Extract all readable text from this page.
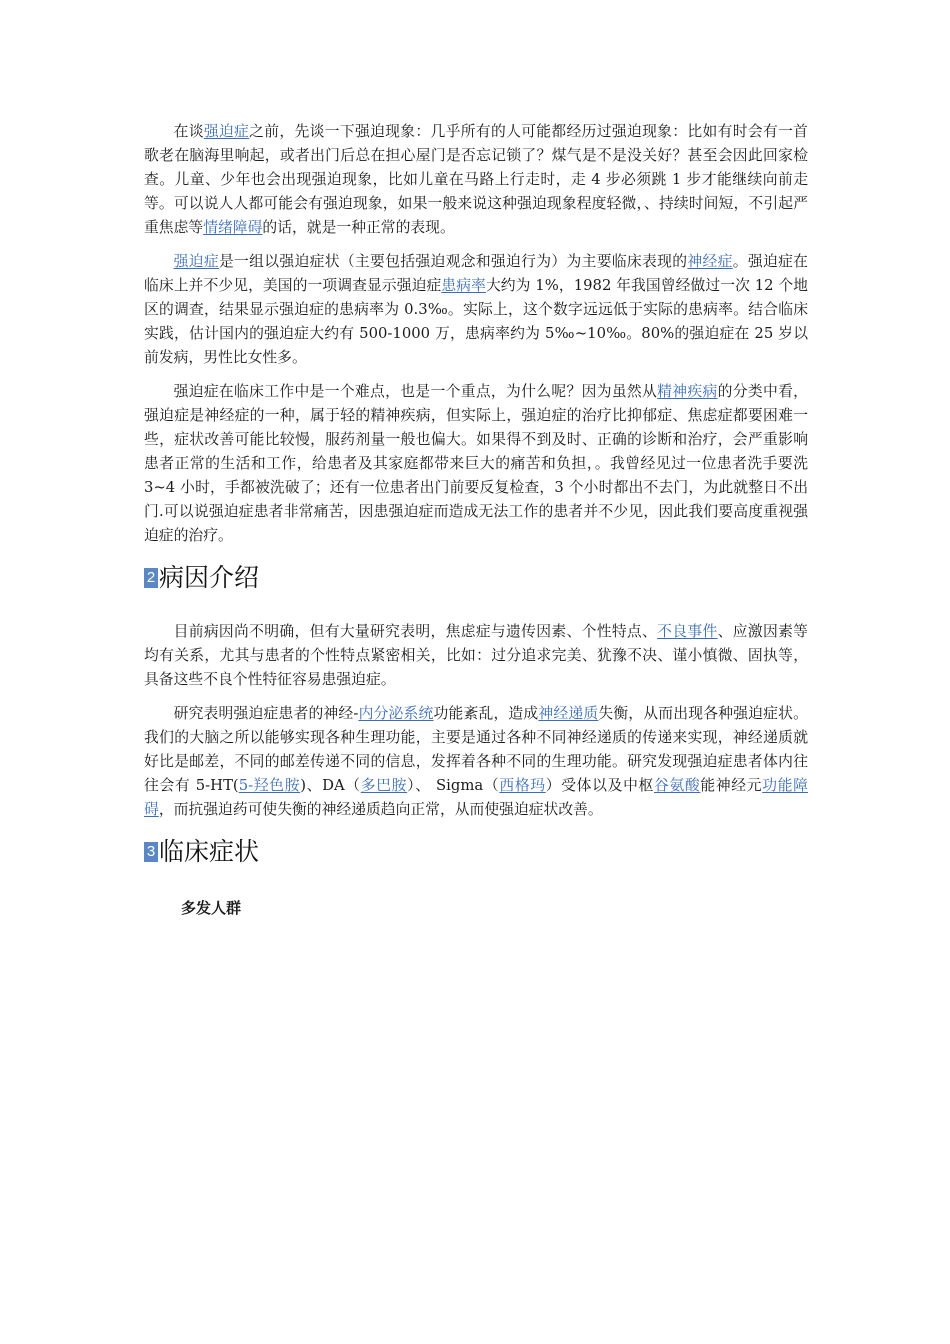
在谈强迫症之前，先谈一下强迫现象：几乎所有的人可能都经历过强迫现象：比如有时会有一首歌老在脑海里响起，或者出门后总在担心屋门是否忘记锁了？煤气是不是没关好？甚至会因此回家检查。儿童、少年也会出现强迫现象，比如儿童在马路上行走时，走 4 步必须跳 1 步才能继续向前走等。可以说人人都可能会有强迫现象，如果一般来说这种强迫现象程度轻微，、持续时间短，不引起严重焦虑等情绪障碍的话，就是一种正常的表现。

强迫症是一组以强迫症状（主要包括强迫观念和强迫行为）为主要临床表现的神经症。强迫症在临床上并不少见，美国的一项调查显示强迫症患病率大约为 1%，1982 年我国曾经做过一次 12 个地区的调查，结果显示强迫症的患病率为 0.3‰。实际上，这个数字远远低于实际的患病率。结合临床实践，估计国内的强迫症大约有 500-1000 万，患病率约为 5‰~10‰。80%的强迫症在 25 岁以前发病，男性比女性多。

强迫症在临床工作中是一个难点，也是一个重点，为什么呢？因为虽然从精神疾病的分类中看，强迫症是神经症的一种，属于轻的精神疾病，但实际上，强迫症的治疗比抑郁症、焦虑症都要困难一些，症状改善可能比较慢，服药剂量一般也偏大。如果得不到及时、正确的诊断和治疗，会严重影响患者正常的生活和工作，给患者及其家庭都带来巨大的痛苦和负担，。我曾经见过一位患者洗手要洗 3~4 小时，手都被洗破了；还有一位患者出门前要反复检查，3 个小时都出不去门，为此就整日不出门.可以说强迫症患者非常痛苦，因患强迫症而造成无法工作的患者并不少见，因此我们要高度重视强迫症的治疗。

2 病因介绍

目前病因尚不明确，但有大量研究表明，焦虑症与遗传因素、个性特点、不良事件、应激因素等均有关系，尤其与患者的个性特点紧密相关，比如：过分追求完美、犹豫不决、谨小慎微、固执等，具备这些不良个性特征容易患强迫症。

研究表明强迫症患者的神经-内分泌系统功能紊乱，造成神经递质失衡，从而出现各种强迫症状。我们的大脑之所以能够实现各种生理功能，主要是通过各种不同神经递质的传递来实现，神经递质就好比是邮差，不同的邮差传递不同的信息，发挥着各种不同的生理功能。研究发现强迫症患者体内往往会有 5-HT(5-羟色胺)、DA（多巴胺）、 Sigma（西格玛）受体以及中枢谷氨酸能神经元功能障碍，而抗强迫药可使失衡的神经递质趋向正常，从而使强迫症状改善。

3 临床症状
多发人群
